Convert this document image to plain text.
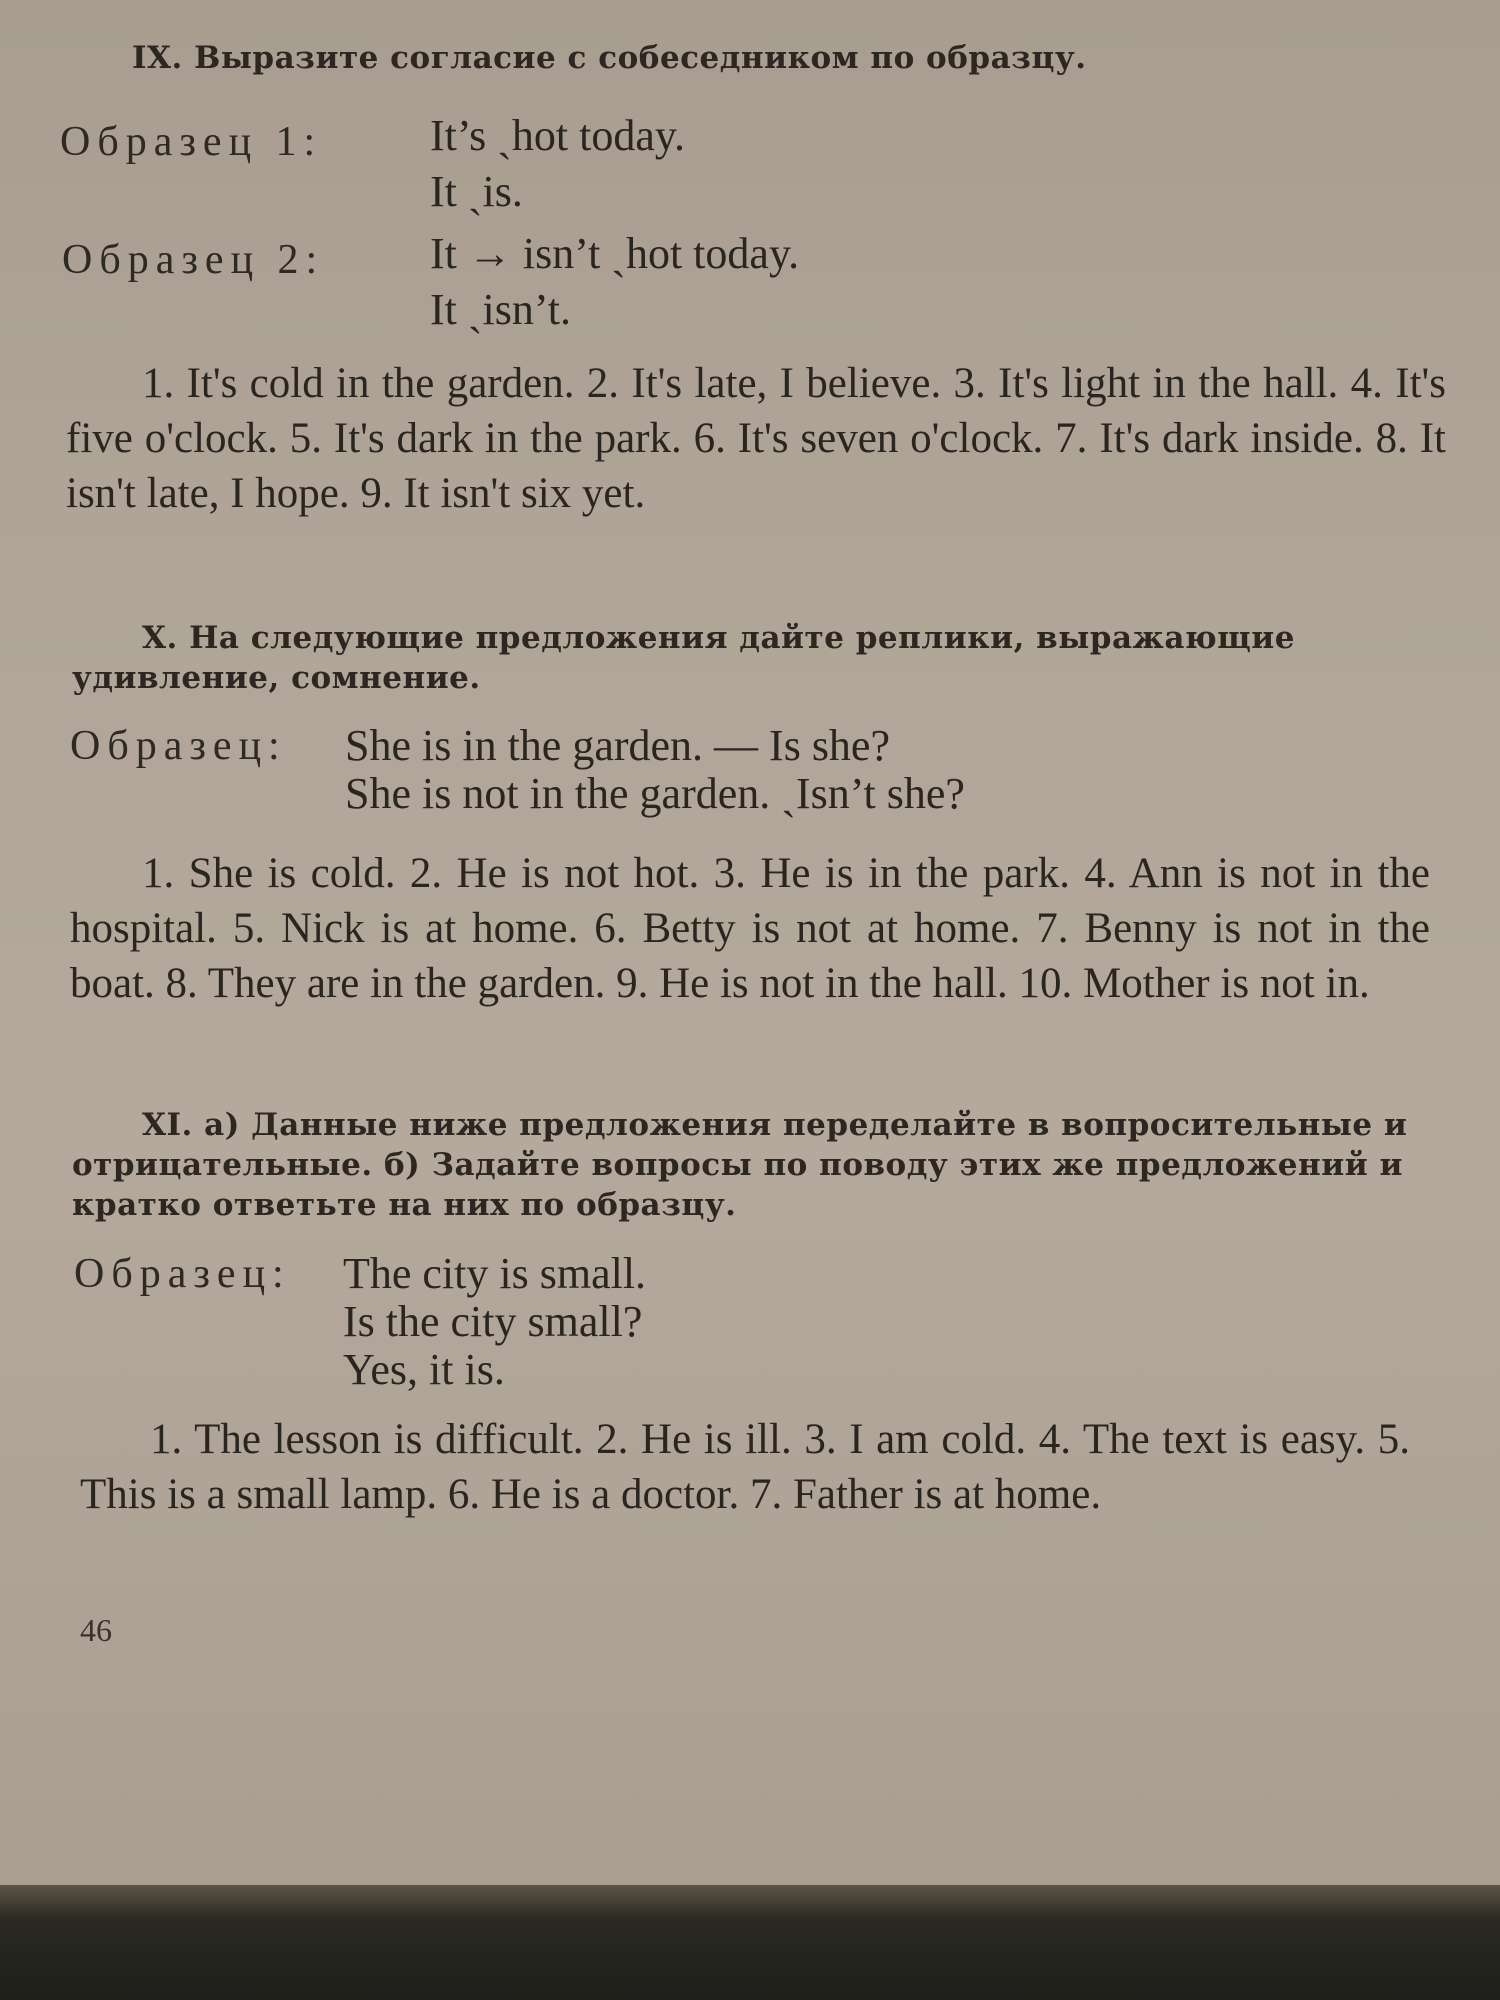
IX. Выразите согласие с собеседником по образцу.
Образец 1: It’s ˎhot today.
It ˎis.
Образец 2: It → isn’t ˎhot today.
It ˎisn’t.
1. It's cold in the garden. 2. It's late, I believe. 3. It's light in the hall. 4. It's five o'clock. 5. It's dark in the park. 6. It's seven o'clock. 7. It's dark inside. 8. It isn't late, I hope. 9. It isn't six yet.
X. На следующие предложения дайте реплики, выражающие удивление, сомнение.
Образец: She is in the garden. — Is she?
She is not in the garden. ˏIsn’t she?
1. She is cold. 2. He is not hot. 3. He is in the park. 4. Ann is not in the hospital. 5. Nick is at home. 6. Betty is not at home. 7. Benny is not in the boat. 8. They are in the garden. 9. He is not in the hall. 10. Mother is not in.
XI. а) Данные ниже предложения переделайте в вопросительные и отрицательные. б) Задайте вопросы по поводу этих же предложений и кратко ответьте на них по образцу.
Образец: The city is small.
Is the city small?
Yes, it is.
1. The lesson is difficult. 2. He is ill. 3. I am cold. 4. The text is easy. 5. This is a small lamp. 6. He is a doctor. 7. Father is at home.
46
